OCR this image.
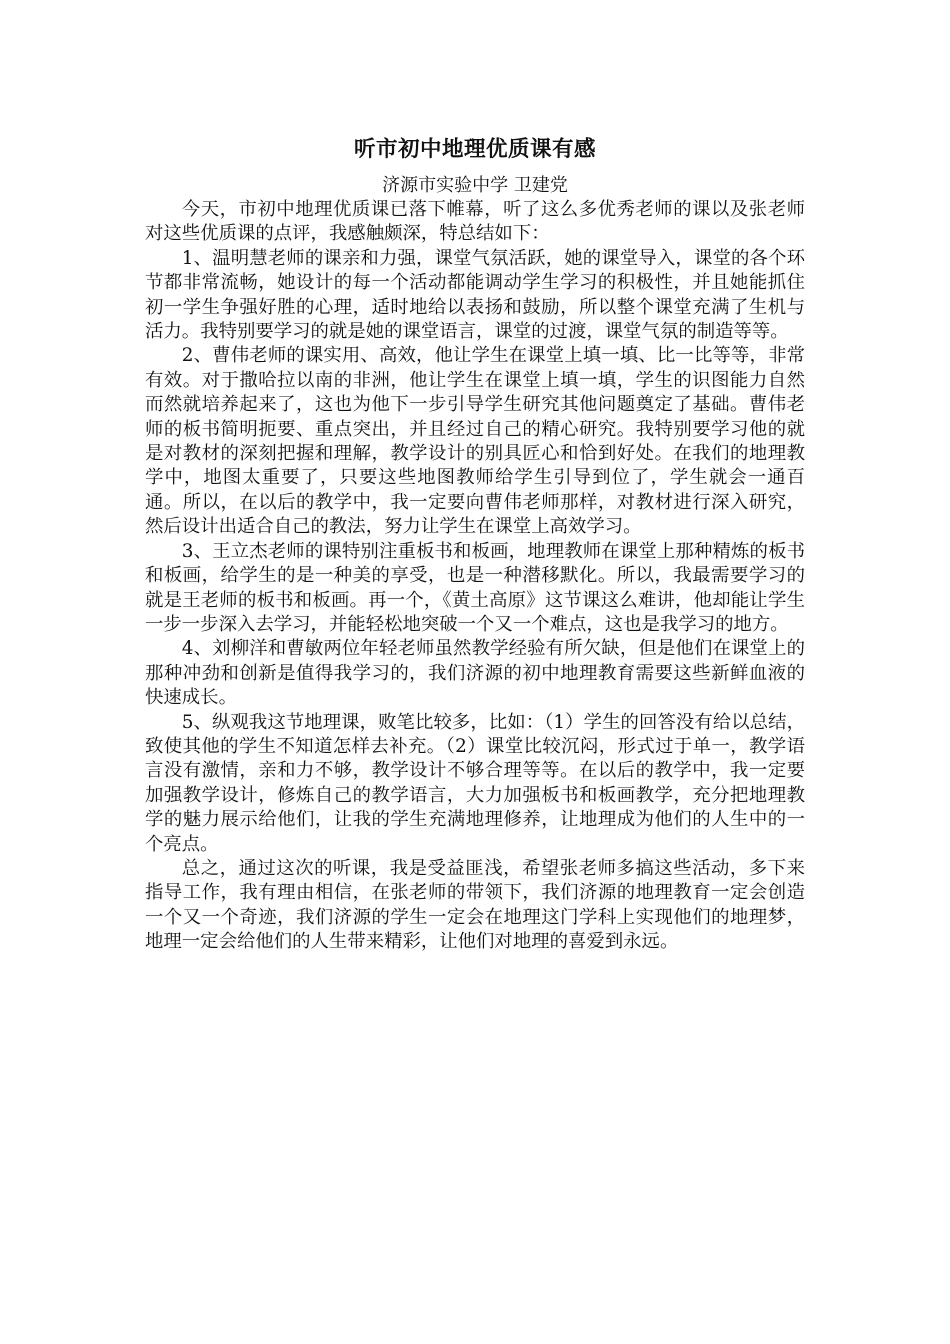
听市初中地理优质课有感

济源市实验中学 卫建党

今天，市初中地理优质课已落下帷幕，听了这么多优秀老师的课以及张老师对这些优质课的点评，我感触颇深，特总结如下：

1、温明慧老师的课亲和力强，课堂气氛活跃，她的课堂导入，课堂的各个环节都非常流畅，她设计的每一个活动都能调动学生学习的积极性，并且她能抓住初一学生争强好胜的心理，适时地给以表扬和鼓励，所以整个课堂充满了生机与活力。我特别要学习的就是她的课堂语言，课堂的过渡，课堂气氛的制造等等。

2、曹伟老师的课实用、高效，他让学生在课堂上填一填、比一比等等，非常有效。对于撒哈拉以南的非洲，他让学生在课堂上填一填，学生的识图能力自然而然就培养起来了，这也为他下一步引导学生研究其他问题奠定了基础。曹伟老师的板书简明扼要、重点突出，并且经过自己的精心研究。我特别要学习他的就是对教材的深刻把握和理解，教学设计的别具匠心和恰到好处。在我们的地理教学中，地图太重要了，只要这些地图教师给学生引导到位了，学生就会一通百通。所以，在以后的教学中，我一定要向曹伟老师那样，对教材进行深入研究，然后设计出适合自己的教法，努力让学生在课堂上高效学习。

3、王立杰老师的课特别注重板书和板画，地理教师在课堂上那种精炼的板书和板画，给学生的是一种美的享受，也是一种潜移默化。所以，我最需要学习的就是王老师的板书和板画。再一个，《黄土高原》这节课这么难讲，他却能让学生一步一步深入去学习，并能轻松地突破一个又一个难点，这也是我学习的地方。

4、刘柳洋和曹敏两位年轻老师虽然教学经验有所欠缺，但是他们在课堂上的那种冲劲和创新是值得我学习的，我们济源的初中地理教育需要这些新鲜血液的快速成长。

5、纵观我这节地理课，败笔比较多，比如：（1）学生的回答没有给以总结，致使其他的学生不知道怎样去补充。（2）课堂比较沉闷，形式过于单一，教学语言没有激情，亲和力不够，教学设计不够合理等等。在以后的教学中，我一定要加强教学设计，修炼自己的教学语言，大力加强板书和板画教学，充分把地理教学的魅力展示给他们，让我的学生充满地理修养，让地理成为他们的人生中的一个亮点。

总之，通过这次的听课，我是受益匪浅，希望张老师多搞这些活动，多下来指导工作，我有理由相信，在张老师的带领下，我们济源的地理教育一定会创造一个又一个奇迹，我们济源的学生一定会在地理这门学科上实现他们的地理梦，地理一定会给他们的人生带来精彩，让他们对地理的喜爱到永远。
